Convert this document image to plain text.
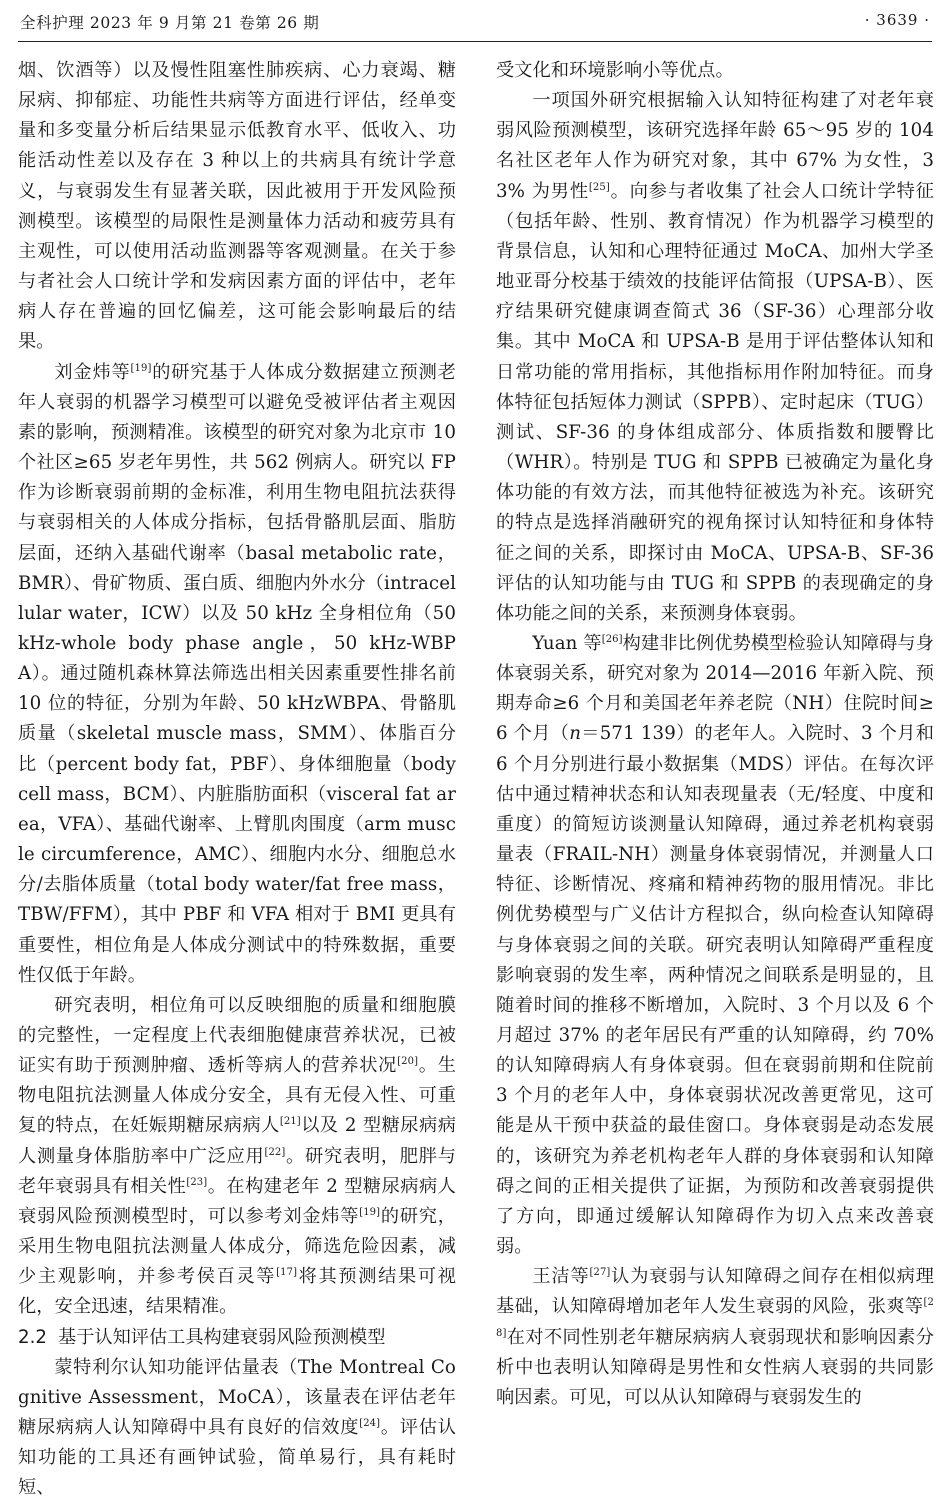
全科护理 2023 年 9 月第 21 卷第 26 期	· 3639 ·

烟、饮酒等）以及慢性阻塞性肺疾病、心力衰竭、糖尿病、抑郁症、功能性共病等方面进行评估，经单变量和多变量分析后结果显示低教育水平、低收入、功能活动性差以及存在 3 种以上的共病具有统计学意义，与衰弱发生有显著关联，因此被用于开发风险预测模型。该模型的局限性是测量体力活动和疲劳具有主观性，可以使用活动监测器等客观测量。在关于参与者社会人口统计学和发病因素方面的评估中，老年病人存在普遍的回忆偏差，这可能会影响最后的结果。

刘金炜等[19]的研究基于人体成分数据建立预测老年人衰弱的机器学习模型可以避免受被评估者主观因素的影响，预测精准。该模型的研究对象为北京市 10 个社区≥65 岁老年男性，共 562 例病人。研究以 FP 作为诊断衰弱前期的金标准，利用生物电阻抗法获得与衰弱相关的人体成分指标，包括骨骼肌层面、脂肪层面，还纳入基础代谢率（basal metabolic rate，BMR）、骨矿物质、蛋白质、细胞内外水分（intracellular water，ICW）以及 50 kHz 全身相位角（50 kHz-whole body phase angle，50 kHz-WBPA）。通过随机森林算法筛选出相关因素重要性排名前 10 位的特征，分别为年龄、50 kHzWBPA、骨骼肌质量（skeletal muscle mass，SMM）、体脂百分比（percent body fat，PBF）、身体细胞量（body cell mass，BCM）、内脏脂肪面积（visceral fat area，VFA）、基础代谢率、上臂肌肉围度（arm muscle circumference，AMC）、细胞内水分、细胞总水分/去脂体质量（total body water/fat free mass，TBW/FFM），其中 PBF 和 VFA 相对于 BMI 更具有重要性，相位角是人体成分测试中的特殊数据，重要性仅低于年龄。

研究表明，相位角可以反映细胞的质量和细胞膜的完整性，一定程度上代表细胞健康营养状况，已被证实有助于预测肿瘤、透析等病人的营养状况[20]。生物电阻抗法测量人体成分安全，具有无侵入性、可重复的特点，在妊娠期糖尿病病人[21]以及 2 型糖尿病病人测量身体脂肪率中广泛应用[22]。研究表明，肥胖与老年衰弱具有相关性[23]。在构建老年 2 型糖尿病病人衰弱风险预测模型时，可以参考刘金炜等[19]的研究，采用生物电阻抗法测量人体成分，筛选危险因素，减少主观影响，并参考侯百灵等[17]将其预测结果可视化，安全迅速，结果精准。

2.2 基于认知评估工具构建衰弱风险预测模型

蒙特利尔认知功能评估量表（The Montreal Cognitive Assessment，MoCA），该量表在评估老年糖尿病病人认知障碍中具有良好的信效度[24]。评估认知功能的工具还有画钟试验，简单易行，具有耗时短、

受文化和环境影响小等优点。

一项国外研究根据输入认知特征构建了对老年衰弱风险预测模型，该研究选择年龄 65～95 岁的 104 名社区老年人作为研究对象，其中 67% 为女性，33% 为男性[25]。向参与者收集了社会人口统计学特征（包括年龄、性别、教育情况）作为机器学习模型的背景信息，认知和心理特征通过 MoCA、加州大学圣地亚哥分校基于绩效的技能评估简报（UPSA-B）、医疗结果研究健康调查简式 36（SF-36）心理部分收集。其中 MoCA 和 UPSA-B 是用于评估整体认知和日常功能的常用指标，其他指标用作附加特征。而身体特征包括短体力测试（SPPB）、定时起床（TUG）测试、SF-36 的身体组成部分、体质指数和腰臀比（WHR）。特别是 TUG 和 SPPB 已被确定为量化身体功能的有效方法，而其他特征被选为补充。该研究的特点是选择消融研究的视角探讨认知特征和身体特征之间的关系，即探讨由 MoCA、UPSA-B、SF-36 评估的认知功能与由 TUG 和 SPPB 的表现确定的身体功能之间的关系，来预测身体衰弱。

Yuan 等[26]构建非比例优势模型检验认知障碍与身体衰弱关系，研究对象为 2014—2016 年新入院、预期寿命≥6 个月和美国老年养老院（NH）住院时间≥6 个月（n＝571 139）的老年人。入院时、3 个月和 6 个月分别进行最小数据集（MDS）评估。在每次评估中通过精神状态和认知表现量表（无/轻度、中度和重度）的简短访谈测量认知障碍，通过养老机构衰弱量表（FRAIL-NH）测量身体衰弱情况，并测量人口特征、诊断情况、疼痛和精神药物的服用情况。非比例优势模型与广义估计方程拟合，纵向检查认知障碍与身体衰弱之间的关联。研究表明认知障碍严重程度影响衰弱的发生率，两种情况之间联系是明显的，且随着时间的推移不断增加，入院时、3 个月以及 6 个月超过 37% 的老年居民有严重的认知障碍，约 70% 的认知障碍病人有身体衰弱。但在衰弱前期和住院前 3 个月的老年人中，身体衰弱状况改善更常见，这可能是从干预中获益的最佳窗口。身体衰弱是动态发展的，该研究为养老机构老年人群的身体衰弱和认知障碍之间的正相关提供了证据，为预防和改善衰弱提供了方向，即通过缓解认知障碍作为切入点来改善衰弱。

王洁等[27]认为衰弱与认知障碍之间存在相似病理基础，认知障碍增加老年人发生衰弱的风险，张爽等[28]在对不同性别老年糖尿病病人衰弱现状和影响因素分析中也表明认知障碍是男性和女性病人衰弱的共同影响因素。可见，可以从认知障碍与衰弱发生的
